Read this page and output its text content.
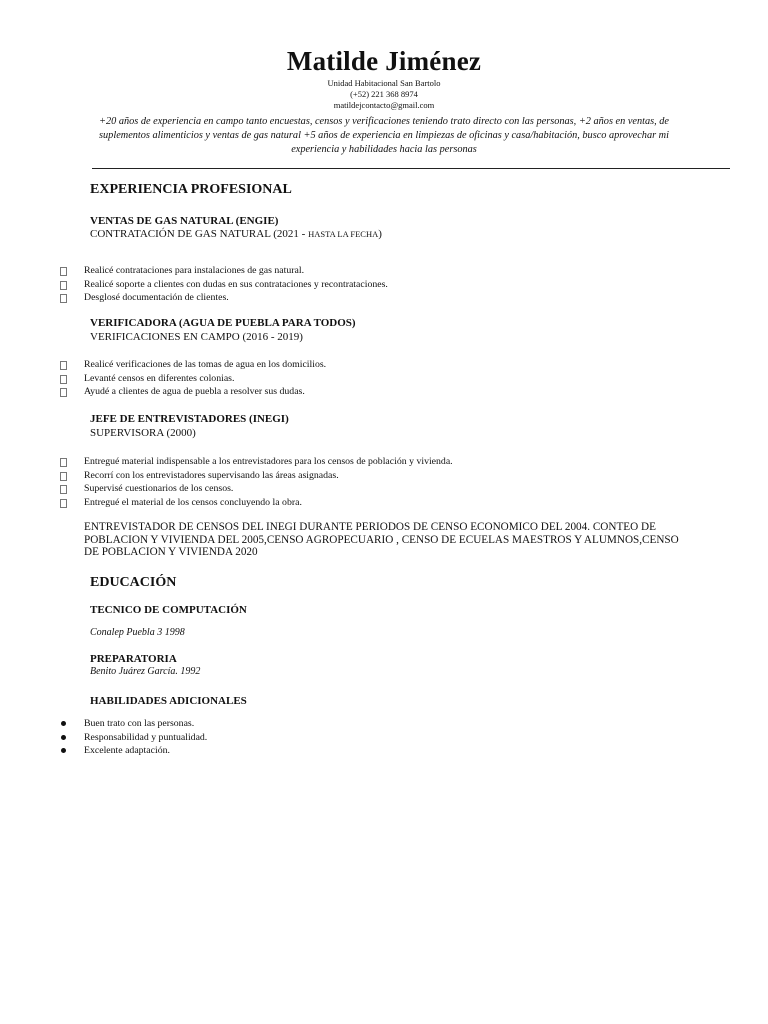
Matilde Jiménez
Unidad Habitacional San Bartolo
(+52) 221 368 8974
matildejcontacto@gmail.com
+20 años de experiencia en campo tanto encuestas, censos y verificaciones teniendo trato directo con las personas, +2 años en ventas, de suplementos alimenticios y ventas de gas natural +5 años de experiencia en limpiezas de oficinas y casa/habitación, busco aprovechar mi experiencia y habilidades hacia las personas
EXPERIENCIA PROFESIONAL
VENTAS DE GAS NATURAL (ENGIE)
CONTRATACIÓN DE GAS NATURAL (2021 - HASTA LA FECHA)
Realicé contrataciones para instalaciones de gas natural.
Realicé soporte a clientes con dudas en sus contrataciones y recontrataciones.
Desglosé documentación de clientes.
VERIFICADORA (AGUA DE PUEBLA PARA TODOS)
VERIFICACIONES EN CAMPO (2016 - 2019)
Realicé verificaciones de las tomas de agua en los domicilios.
Levanté censos en diferentes colonias.
Ayudé a clientes de agua de puebla a resolver sus dudas.
JEFE DE ENTREVISTADORES (INEGI)
SUPERVISORA (2000)
Entregué material indispensable a los entrevistadores para los censos de población y vivienda.
Recorrí con los entrevistadores supervisando las áreas asignadas.
Supervisé cuestionarios de los censos.
Entregué el material de los censos concluyendo la obra.
ENTREVISTADOR DE CENSOS DEL INEGI DURANTE PERIODOS DE CENSO ECONOMICO DEL 2004. CONTEO DE POBLACION Y VIVIENDA DEL 2005,CENSO AGROPECUARIO , CENSO DE ECUELAS MAESTROS Y ALUMNOS,CENSO DE POBLACION Y VIVIENDA 2020
EDUCACIÓN
TECNICO DE COMPUTACIÓN
Conalep Puebla 3 1998
PREPARATORIA
Benito Juárez García. 1992
HABILIDADES ADICIONALES
Buen trato con las personas.
Responsabilidad y puntualidad.
Excelente adaptación.
